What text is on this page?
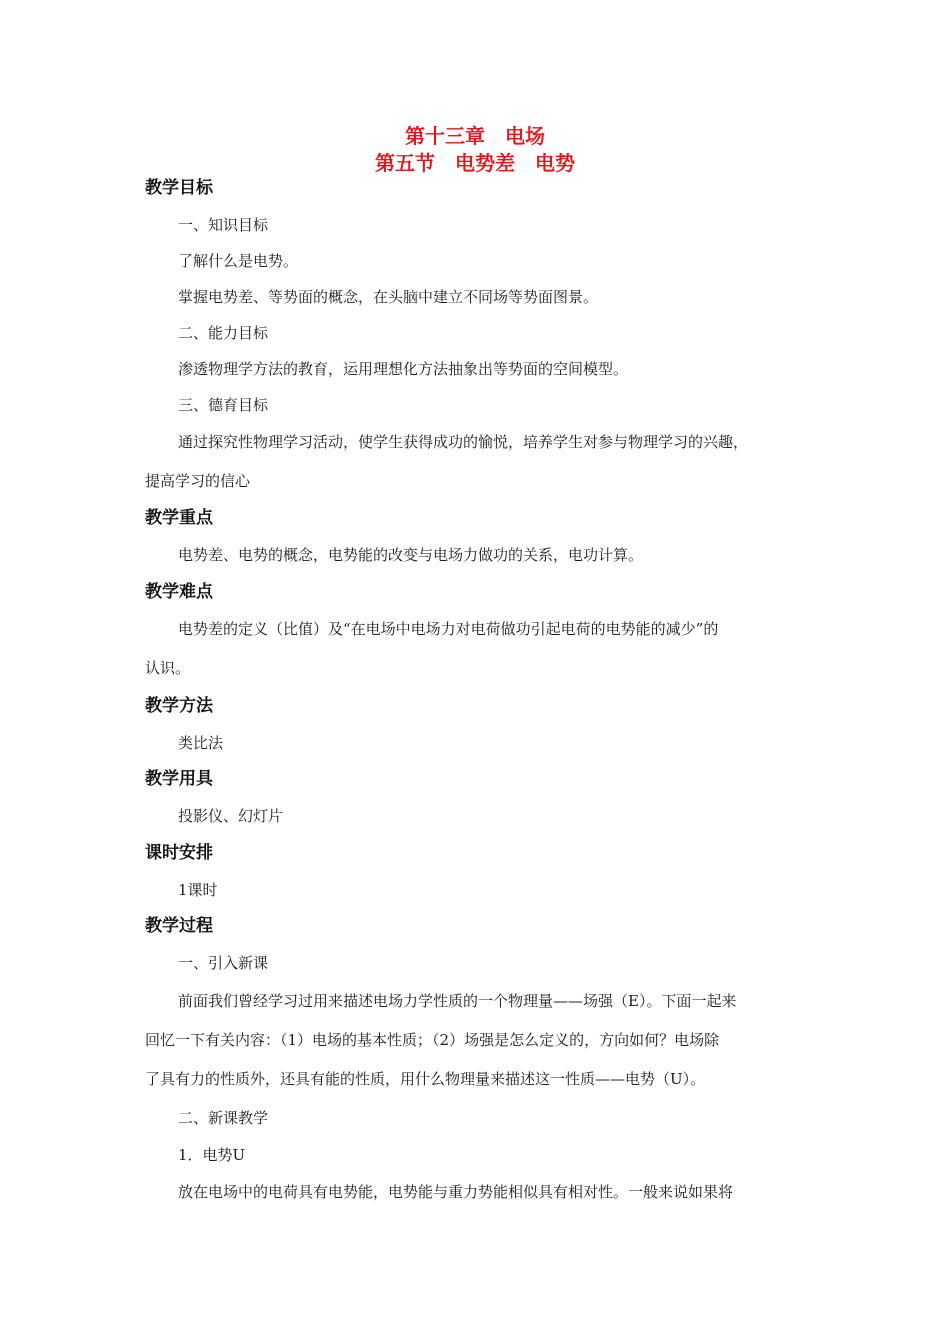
第十三章　电场
第五节　电势差　电势
教学目标
一、知识目标
了解什么是电势。
掌握电势差、等势面的概念，在头脑中建立不同场等势面图景。
二、能力目标
渗透物理学方法的教育，运用理想化方法抽象出等势面的空间模型。
三、德育目标
通过探究性物理学习活动，使学生获得成功的愉悦，培养学生对参与物理学习的兴趣，
提高学习的信心
教学重点
电势差、电势的概念，电势能的改变与电场力做功的关系，电功计算。
教学难点
电势差的定义（比值）及“在电场中电场力对电荷做功引起电荷的电势能的减少”的
认识。
教学方法
类比法
教学用具
投影仪、幻灯片
课时安排
1课时
教学过程
一、引入新课
前面我们曾经学习过用来描述电场力学性质的一个物理量——场强（E）。下面一起来
回忆一下有关内容：（1）电场的基本性质；（2）场强是怎么定义的，方向如何？电场除
了具有力的性质外，还具有能的性质，用什么物理量来描述这一性质——电势（U）。
二、新课教学
1．电势U
放在电场中的电荷具有电势能，电势能与重力势能相似具有相对性。一般来说如果将
